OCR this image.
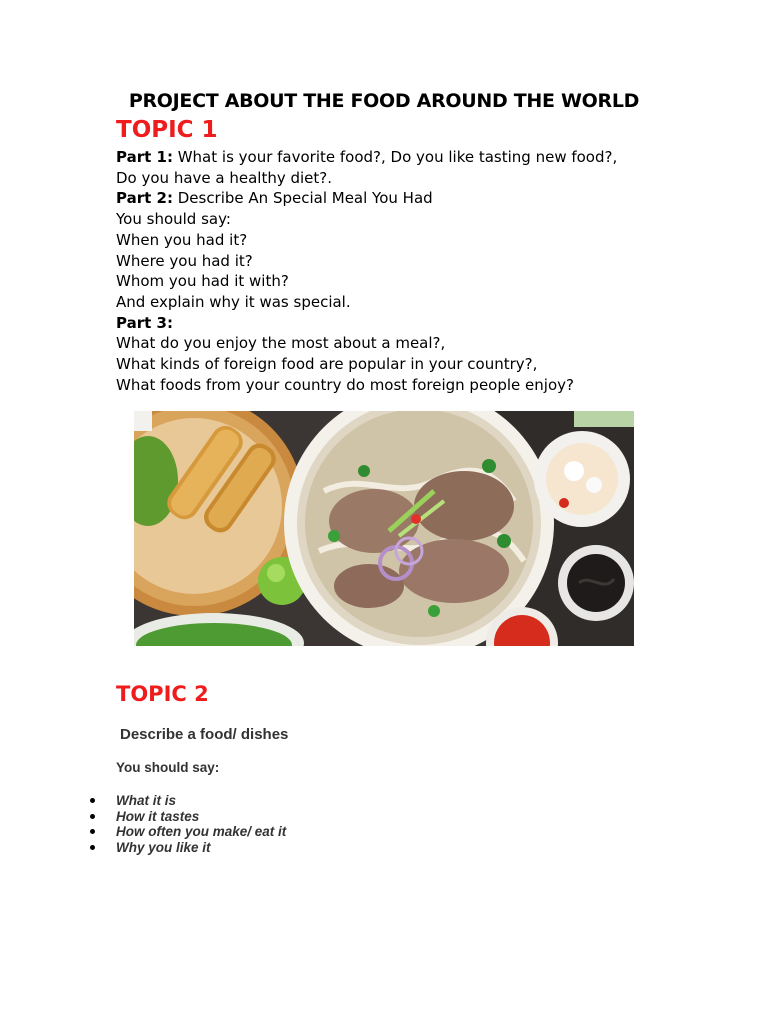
PROJECT ABOUT THE FOOD AROUND THE WORLD
TOPIC 1
Part 1: What is your favorite food?, Do you like tasting new food?,
Do you have a healthy diet?.
Part 2: Describe An Special Meal You Had
You should say:
When you had it?
Where you had it?
Whom you had it with?
And explain why it was special.
Part 3:
What do you enjoy the most about a meal?,
What kinds of foreign food are popular in your country?,
What foods from your country do most foreign people enjoy?
TOPIC 2
Describe a food/ dishes
You should say:
What it is
How it tastes
How often you make/ eat it
Why you like it
